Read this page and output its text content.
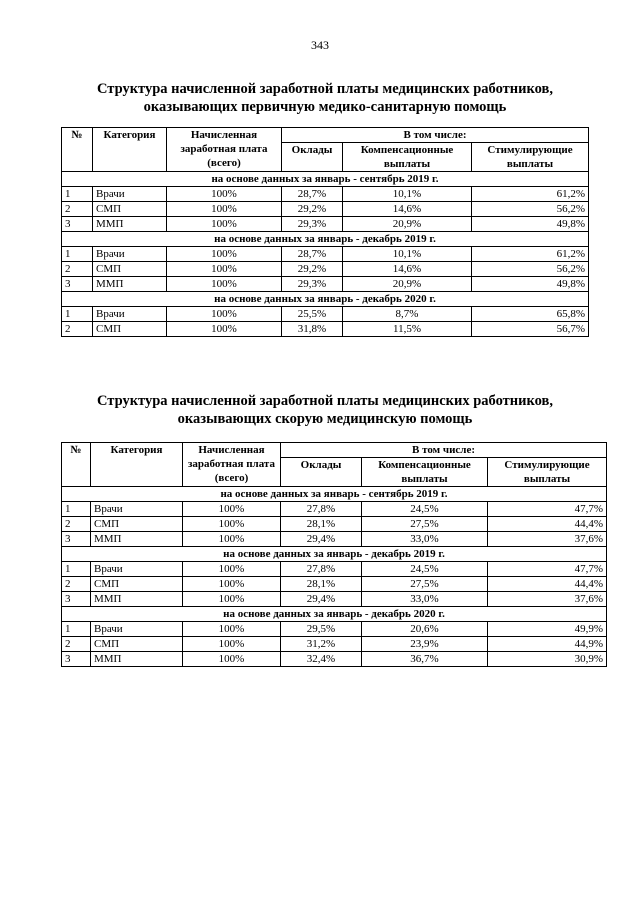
343
Структура начисленной заработной платы медицинских работников,
оказывающих первичную медико-санитарную помощь
№	Категория	Начисленная заработная плата (всего)	В том числе:		
			Оклады	Компенсационные выплаты	Стимулирующие выплаты
на основе данных за январь - сентябрь 2019 г.					
1	Врачи	100%	28,7%	10,1%	61,2%
2	СМП	100%	29,2%	14,6%	56,2%
3	ММП	100%	29,3%	20,9%	49,8%
на основе данных за январь - декабрь 2019 г.					
1	Врачи	100%	28,7%	10,1%	61,2%
2	СМП	100%	29,2%	14,6%	56,2%
3	ММП	100%	29,3%	20,9%	49,8%
на основе данных за январь - декабрь 2020 г.					
1	Врачи	100%	25,5%	8,7%	65,8%
2	СМП	100%	31,8%	11,5%	56,7%
Структура начисленной заработной платы медицинских работников,
оказывающих скорую медицинскую помощь
№	Категория	Начисленная заработная плата (всего)	В том числе:		
			Оклады	Компенсационные выплаты	Стимулирующие выплаты
на основе данных за январь - сентябрь 2019 г.					
1	Врачи	100%	27,8%	24,5%	47,7%
2	СМП	100%	28,1%	27,5%	44,4%
3	ММП	100%	29,4%	33,0%	37,6%
на основе данных за январь - декабрь 2019 г.					
1	Врачи	100%	27,8%	24,5%	47,7%
2	СМП	100%	28,1%	27,5%	44,4%
3	ММП	100%	29,4%	33,0%	37,6%
на основе данных за январь - декабрь 2020 г.					
1	Врачи	100%	29,5%	20,6%	49,9%
2	СМП	100%	31,2%	23,9%	44,9%
3	ММП	100%	32,4%	36,7%	30,9%
